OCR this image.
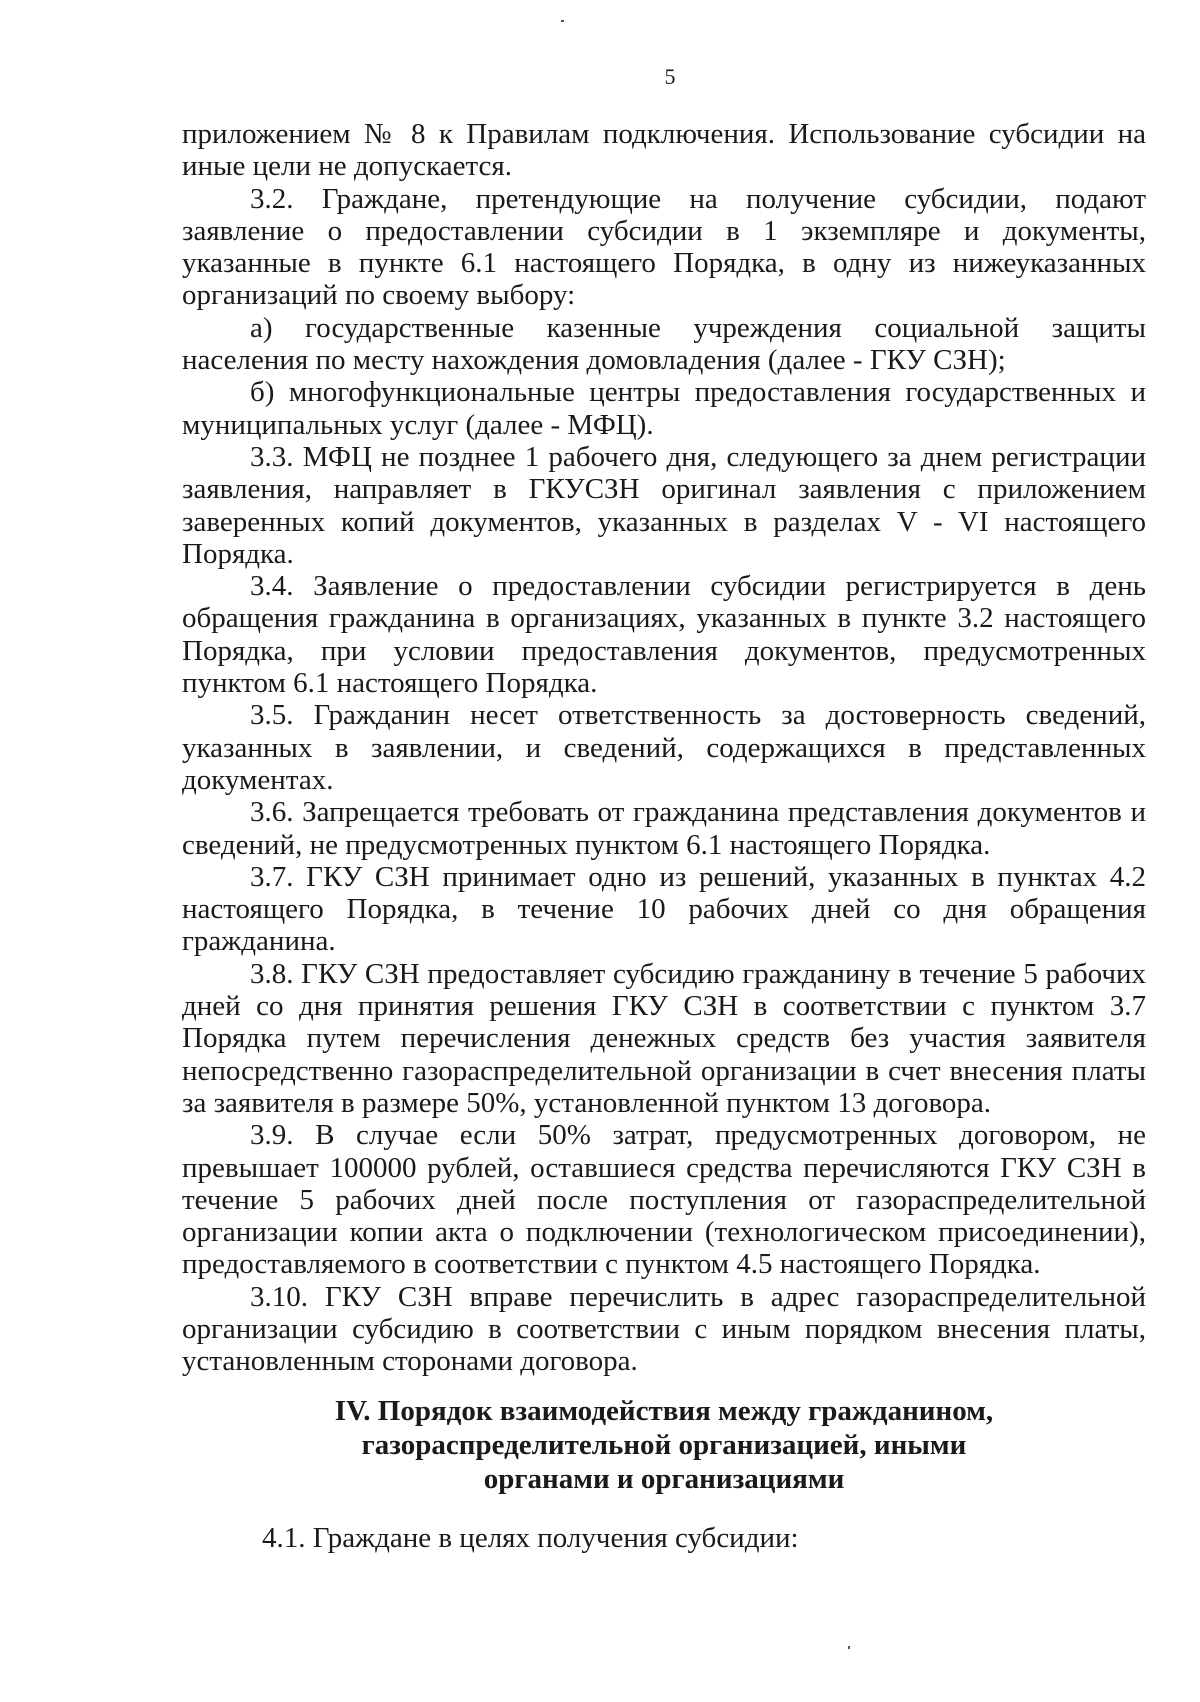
5

приложением № 8 к Правилам подключения. Использование субсидии на иные цели не допускается.

3.2. Граждане, претендующие на получение субсидии, подают заявление о предоставлении субсидии в 1 экземпляре и документы, указанные в пункте 6.1 настоящего Порядка, в одну из нижеуказанных организаций по своему выбору:

а) государственные казенные учреждения социальной защиты населения по месту нахождения домовладения (далее - ГКУ СЗН);

б) многофункциональные центры предоставления государственных и муниципальных услуг (далее - МФЦ).

3.3. МФЦ не позднее 1 рабочего дня, следующего за днем регистрации заявления, направляет в ГКУСЗН оригинал заявления с приложением заверенных копий документов, указанных в разделах V - VI настоящего Порядка.

3.4. Заявление о предоставлении субсидии регистрируется в день обращения гражданина в организациях, указанных в пункте 3.2 настоящего Порядка, при условии предоставления документов, предусмотренных пунктом 6.1 настоящего Порядка.

3.5. Гражданин несет ответственность за достоверность сведений, указанных в заявлении, и сведений, содержащихся в представленных документах.

3.6. Запрещается требовать от гражданина представления документов и сведений, не предусмотренных пунктом 6.1 настоящего Порядка.

3.7. ГКУ СЗН принимает одно из решений, указанных в пунктах 4.2 настоящего Порядка, в течение 10 рабочих дней со дня обращения гражданина.

3.8. ГКУ СЗН предоставляет субсидию гражданину в течение 5 рабочих дней со дня принятия решения ГКУ СЗН в соответствии с пунктом 3.7 Порядка путем перечисления денежных средств без участия заявителя непосредственно газораспределительной организации в счет внесения платы за заявителя в размере 50%, установленной пунктом 13 договора.

3.9. В случае если 50% затрат, предусмотренных договором, не превышает 100000 рублей, оставшиеся средства перечисляются ГКУ СЗН в течение 5 рабочих дней после поступления от газораспределительной организации копии акта о подключении (технологическом присоединении), предоставляемого в соответствии с пунктом 4.5 настоящего Порядка.

3.10. ГКУ СЗН вправе перечислить в адрес газораспределительной организации субсидию в соответствии с иным порядком внесения платы, установленным сторонами договора.

IV. Порядок взаимодействия между гражданином,
газораспределительной организацией, иными
органами и организациями
4.1. Граждане в целях получения субсидии:
